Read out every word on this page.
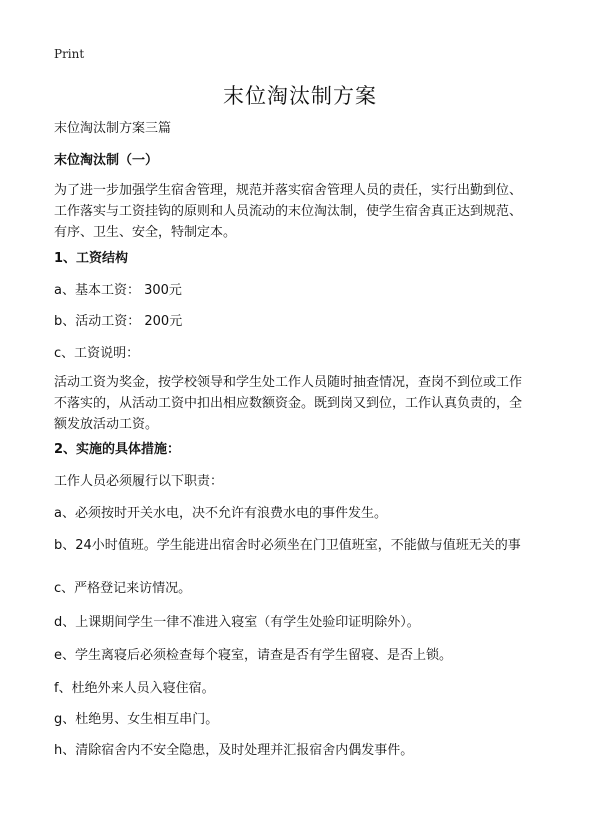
Print
末位淘汰制方案
末位淘汰制方案三篇
末位淘汰制（一）
为了进一步加强学生宿舍管理，规范并落实宿舍管理人员的责任，实行出勤到位、
工作落实与工资挂钩的原则和人员流动的末位淘汰制，使学生宿舍真正达到规范、
有序、卫生、安全，特制定本。
1、工资结构
a、基本工资： 300元
b、活动工资： 200元
c、工资说明：
活动工资为奖金，按学校领导和学生处工作人员随时抽查情况，查岗不到位或工作
不落实的，从活动工资中扣出相应数额资金。既到岗又到位，工作认真负责的，全
额发放活动工资。
2、实施的具体措施：
工作人员必须履行以下职责：
a、必须按时开关水电，决不允许有浪费水电的事件发生。
b、24小时值班。学生能进出宿舍时必须坐在门卫值班室，不能做与值班无关的事
c、严格登记来访情况。
d、上课期间学生一律不准进入寝室（有学生处验印证明除外）。
e、学生离寝后必须检查每个寝室，请查是否有学生留寝、是否上锁。
f、杜绝外来人员入寝住宿。
g、杜绝男、女生相互串门。
h、清除宿舍内不安全隐患，及时处理并汇报宿舍内偶发事件。
